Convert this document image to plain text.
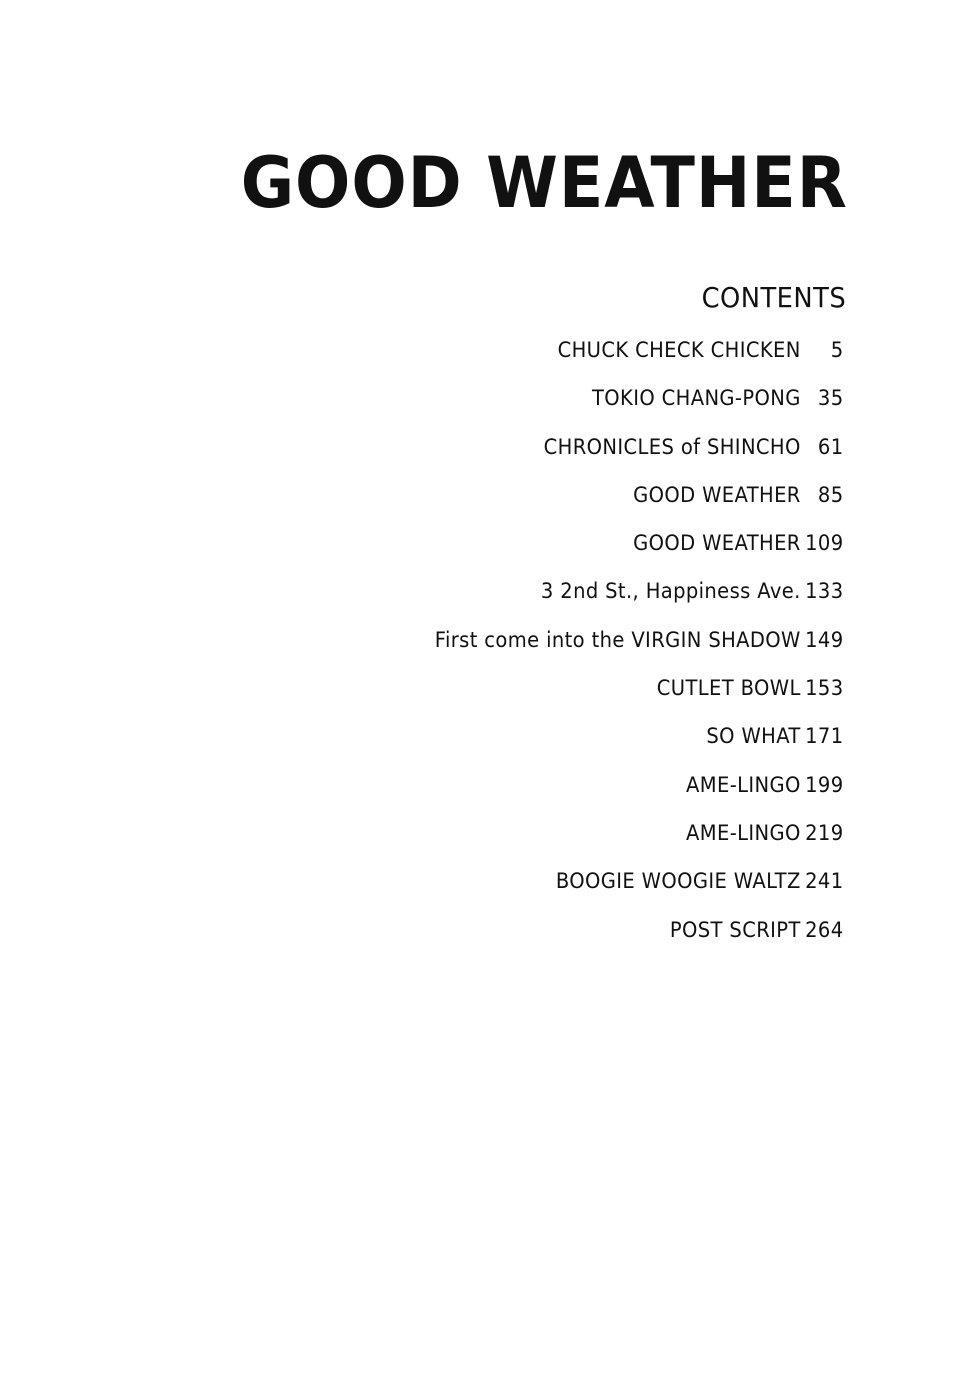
GOOD WEATHER
CONTENTS
CHUCK CHECK CHICKEN	5
TOKIO CHANG-PONG 35
CHRONICLES of SHINCHO 61
GOOD WEATHER 85
GOOD WEATHER 109
3 2nd St., Happiness Ave. 133
First come into the VIRGIN SHADOW 149
CUTLET BOWL 153
SO WHAT 171
AME-LINGO 199
AME-LINGO 219
BOOGIE WOOGIE WALTZ 241
POST SCRIPT 264
